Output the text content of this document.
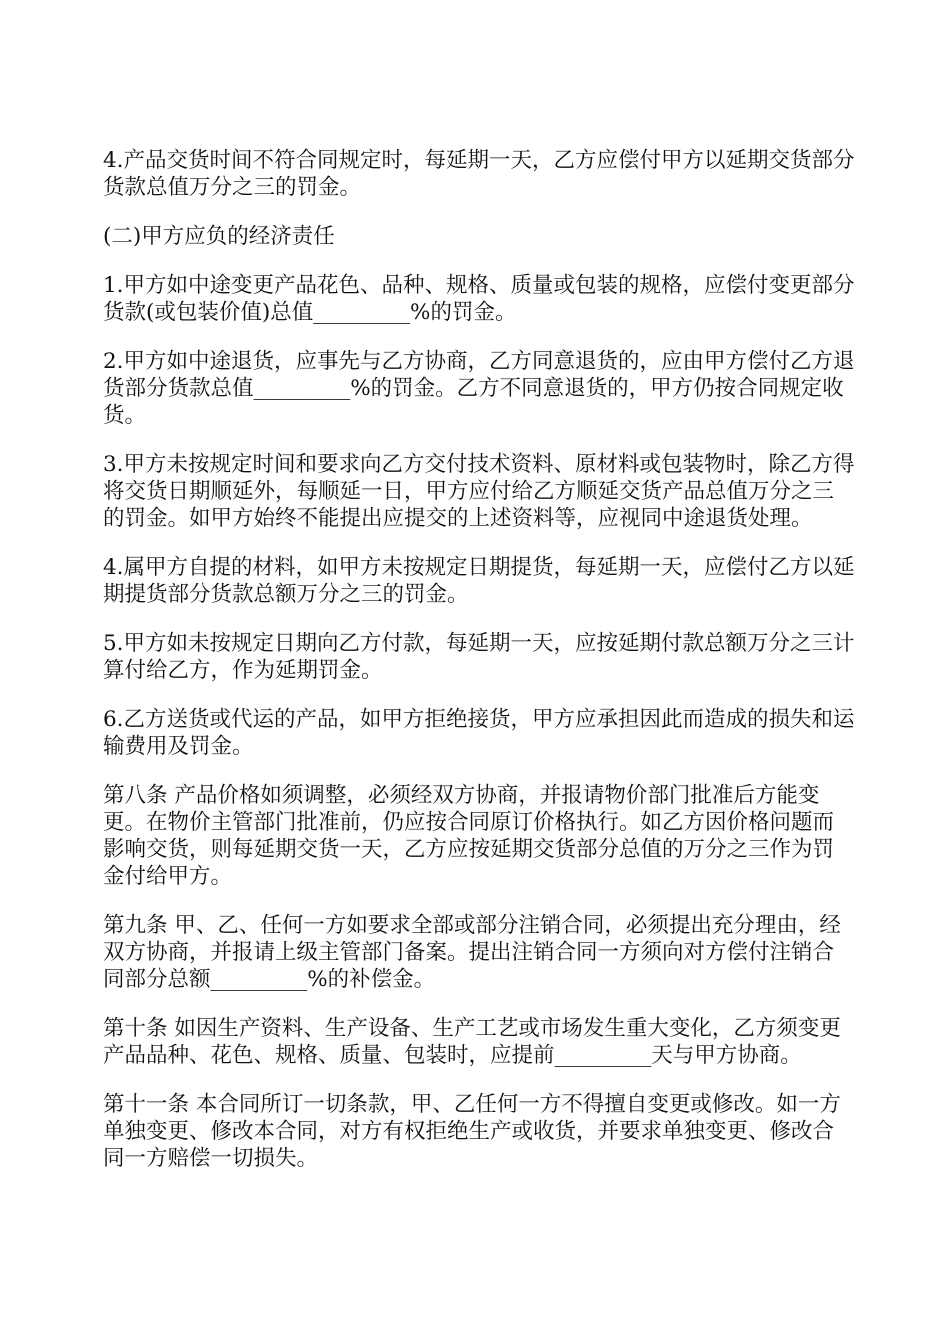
4.产品交货时间不符合同规定时，每延期一天，乙方应偿付甲方以延期交货部分货款总值万分之三的罚金。

(二)甲方应负的经济责任

1.甲方如中途变更产品花色、品种、规格、质量或包装的规格，应偿付变更部分货款(或包装价值)总值_________%的罚金。

2.甲方如中途退货，应事先与乙方协商，乙方同意退货的，应由甲方偿付乙方退货部分货款总值_________%的罚金。乙方不同意退货的，甲方仍按合同规定收货。

3.甲方未按规定时间和要求向乙方交付技术资料、原材料或包装物时，除乙方得将交货日期顺延外，每顺延一日，甲方应付给乙方顺延交货产品总值万分之三的罚金。如甲方始终不能提出应提交的上述资料等，应视同中途退货处理。

4.属甲方自提的材料，如甲方未按规定日期提货，每延期一天，应偿付乙方以延期提货部分货款总额万分之三的罚金。

5.甲方如未按规定日期向乙方付款，每延期一天，应按延期付款总额万分之三计算付给乙方，作为延期罚金。

6.乙方送货或代运的产品，如甲方拒绝接货，甲方应承担因此而造成的损失和运输费用及罚金。

第八条 产品价格如须调整，必须经双方协商，并报请物价部门批准后方能变更。在物价主管部门批准前，仍应按合同原订价格执行。如乙方因价格问题而影响交货，则每延期交货一天，乙方应按延期交货部分总值的万分之三作为罚金付给甲方。

第九条 甲、乙、任何一方如要求全部或部分注销合同，必须提出充分理由，经双方协商，并报请上级主管部门备案。提出注销合同一方须向对方偿付注销合同部分总额_________%的补偿金。

第十条 如因生产资料、生产设备、生产工艺或市场发生重大变化，乙方须变更产品品种、花色、规格、质量、包装时，应提前_________天与甲方协商。

第十一条 本合同所订一切条款，甲、乙任何一方不得擅自变更或修改。如一方单独变更、修改本合同，对方有权拒绝生产或收货，并要求单独变更、修改合同一方赔偿一切损失。
